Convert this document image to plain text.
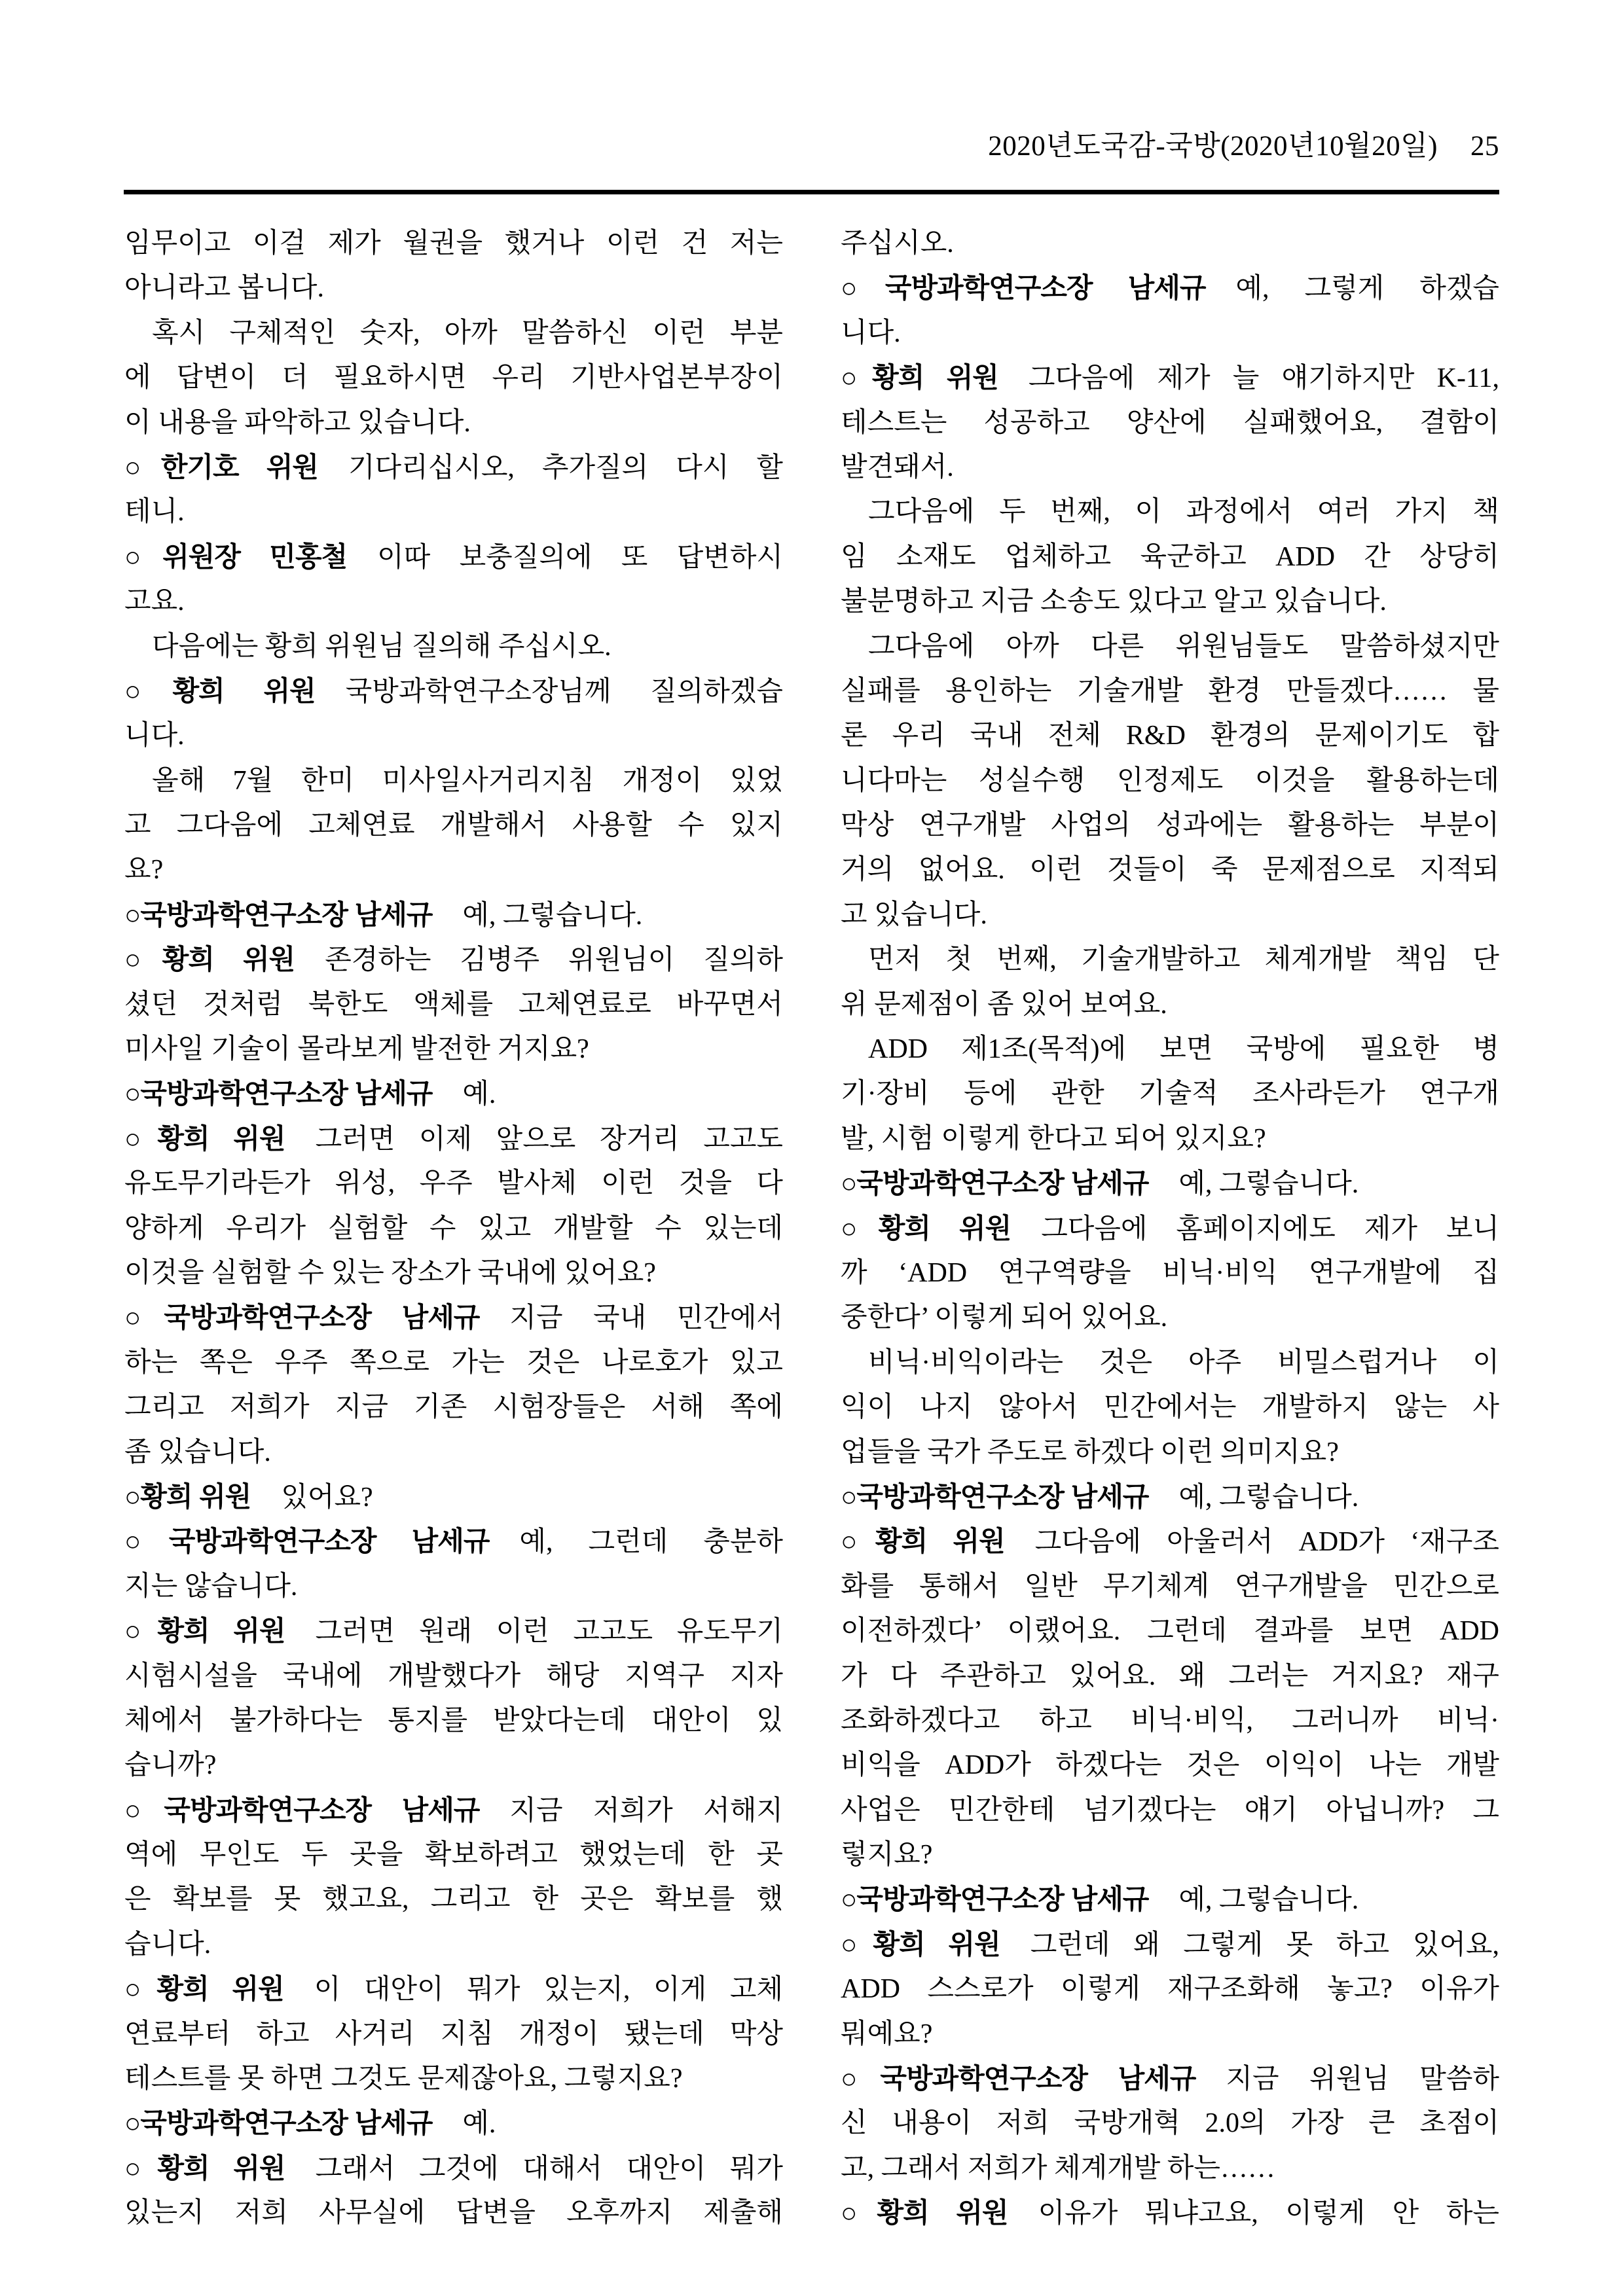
2020년도국감-국방(2020년10월20일) 25
임무이고 이걸 제가 월권을 했거나 이런 건 저는
아니라고 봅니다.
혹시 구체적인 숫자, 아까 말씀하신 이런 부분
에 답변이 더 필요하시면 우리 기반사업본부장이
이 내용을 파악하고 있습니다.
○한기호 위원 기다리십시오, 추가질의 다시 할
테니.
○위원장 민홍철 이따 보충질의에 또 답변하시
고요.
다음에는 황희 위원님 질의해 주십시오.
○황희 위원 국방과학연구소장님께 질의하겠습
니다.
올해 7월 한미 미사일사거리지침 개정이 있었
고 그다음에 고체연료 개발해서 사용할 수 있지
요?
○국방과학연구소장 남세규 예, 그렇습니다.
○황희 위원 존경하는 김병주 위원님이 질의하
셨던 것처럼 북한도 액체를 고체연료로 바꾸면서
미사일 기술이 몰라보게 발전한 거지요?
○국방과학연구소장 남세규 예.
○황희 위원 그러면 이제 앞으로 장거리 고고도
유도무기라든가 위성, 우주 발사체 이런 것을 다
양하게 우리가 실험할 수 있고 개발할 수 있는데
이것을 실험할 수 있는 장소가 국내에 있어요?
○국방과학연구소장 남세규 지금 국내 민간에서
하는 쪽은 우주 쪽으로 가는 것은 나로호가 있고
그리고 저희가 지금 기존 시험장들은 서해 쪽에
좀 있습니다.
○황희 위원 있어요?
○국방과학연구소장 남세규 예, 그런데 충분하
지는 않습니다.
○황희 위원 그러면 원래 이런 고고도 유도무기
시험시설을 국내에 개발했다가 해당 지역구 지자
체에서 불가하다는 통지를 받았다는데 대안이 있
습니까?
○국방과학연구소장 남세규 지금 저희가 서해지
역에 무인도 두 곳을 확보하려고 했었는데 한 곳
은 확보를 못 했고요, 그리고 한 곳은 확보를 했
습니다.
○황희 위원 이 대안이 뭐가 있는지, 이게 고체
연료부터 하고 사거리 지침 개정이 됐는데 막상
테스트를 못 하면 그것도 문제잖아요, 그렇지요?
○국방과학연구소장 남세규 예.
○황희 위원 그래서 그것에 대해서 대안이 뭐가
있는지 저희 사무실에 답변을 오후까지 제출해
주십시오.
○국방과학연구소장 남세규 예, 그렇게 하겠습
니다.
○황희 위원 그다음에 제가 늘 얘기하지만 K-11,
테스트는 성공하고 양산에 실패했어요, 결함이
발견돼서.
그다음에 두 번째, 이 과정에서 여러 가지 책
임 소재도 업체하고 육군하고 ADD 간 상당히
불분명하고 지금 소송도 있다고 알고 있습니다.
그다음에 아까 다른 위원님들도 말씀하셨지만
실패를 용인하는 기술개발 환경 만들겠다…… 물
론 우리 국내 전체 R&D 환경의 문제이기도 합
니다마는 성실수행 인정제도 이것을 활용하는데
막상 연구개발 사업의 성과에는 활용하는 부분이
거의 없어요. 이런 것들이 죽 문제점으로 지적되
고 있습니다.
먼저 첫 번째, 기술개발하고 체계개발 책임 단
위 문제점이 좀 있어 보여요.
ADD 제1조(목적)에 보면 국방에 필요한 병
기·장비 등에 관한 기술적 조사라든가 연구개
발, 시험 이렇게 한다고 되어 있지요?
○국방과학연구소장 남세규 예, 그렇습니다.
○황희 위원 그다음에 홈페이지에도 제가 보니
까 ‘ADD 연구역량을 비닉·비익 연구개발에 집
중한다’ 이렇게 되어 있어요.
비닉·비익이라는 것은 아주 비밀스럽거나 이
익이 나지 않아서 민간에서는 개발하지 않는 사
업들을 국가 주도로 하겠다 이런 의미지요?
○국방과학연구소장 남세규 예, 그렇습니다.
○황희 위원 그다음에 아울러서 ADD가 ‘재구조
화를 통해서 일반 무기체계 연구개발을 민간으로
이전하겠다’ 이랬어요. 그런데 결과를 보면 ADD
가 다 주관하고 있어요. 왜 그러는 거지요? 재구
조화하겠다고 하고 비닉·비익, 그러니까 비닉·
비익을 ADD가 하겠다는 것은 이익이 나는 개발
사업은 민간한테 넘기겠다는 얘기 아닙니까? 그
렇지요?
○국방과학연구소장 남세규 예, 그렇습니다.
○황희 위원 그런데 왜 그렇게 못 하고 있어요,
ADD 스스로가 이렇게 재구조화해 놓고? 이유가
뭐예요?
○국방과학연구소장 남세규 지금 위원님 말씀하
신 내용이 저희 국방개혁 2.0의 가장 큰 초점이
고, 그래서 저희가 체계개발 하는……
○황희 위원 이유가 뭐냐고요, 이렇게 안 하는
